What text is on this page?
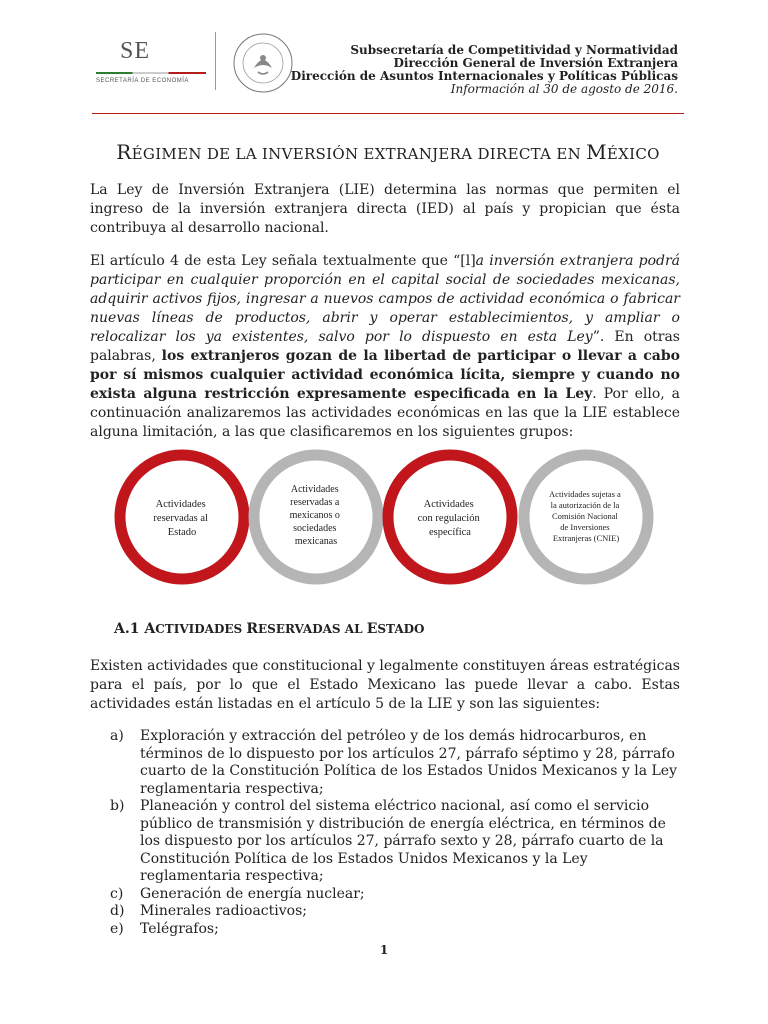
SE
SECRETARÍA DE ECONOMÍA
ESTADOS UNIDOS MEXICANOS
Subsecretaría de Competitividad y Normatividad
Dirección General de Inversión Extranjera
Dirección de Asuntos Internacionales y Políticas Públicas
Información al 30 de agosto de 2016.
RÉGIMEN DE LA INVERSIÓN EXTRANJERA DIRECTA EN MÉXICO
La Ley de Inversión Extranjera (LIE) determina las normas que permiten el ingreso de la inversión extranjera directa (IED) al país y propician que ésta contribuya al desarrollo nacional.
El artículo 4 de esta Ley señala textualmente que “[l]a inversión extranjera podrá participar en cualquier proporción en el capital social de sociedades mexicanas, adquirir activos fijos, ingresar a nuevos campos de actividad económica o fabricar nuevas líneas de productos, abrir y operar establecimientos, y ampliar o relocalizar los ya existentes, salvo por lo dispuesto en esta Ley”. En otras palabras, los extranjeros gozan de la libertad de participar o llevar a cabo por sí mismos cualquier actividad económica lícita, siempre y cuando no exista alguna restricción expresamente especificada en la Ley. Por ello, a continuación analizaremos las actividades económicas en las que la LIE establece alguna limitación, a las que clasificaremos en los siguientes grupos:
Actividades reservadas al Estado
Actividades reservadas a mexicanos o sociedades mexicanas
Actividades con regulación específica
Actividades sujetas a la autorización de la Comisión Nacional de Inversiones Extranjeras (CNIE)
A.1 ACTIVIDADES RESERVADAS AL ESTADO
Existen actividades que constitucional y legalmente constituyen áreas estratégicas para el país, por lo que el Estado Mexicano las puede llevar a cabo. Estas actividades están listadas en el artículo 5 de la LIE y son las siguientes:
a) Exploración y extracción del petróleo y de los demás hidrocarburos, en términos de lo dispuesto por los artículos 27, párrafo séptimo y 28, párrafo cuarto de la Constitución Política de los Estados Unidos Mexicanos y la Ley reglamentaria respectiva;
b) Planeación y control del sistema eléctrico nacional, así como el servicio público de transmisión y distribución de energía eléctrica, en términos de los dispuesto por los artículos 27, párrafo sexto y 28, párrafo cuarto de la Constitución Política de los Estados Unidos Mexicanos y la Ley reglamentaria respectiva;
c) Generación de energía nuclear;
d) Minerales radioactivos;
e) Telégrafos;
1
